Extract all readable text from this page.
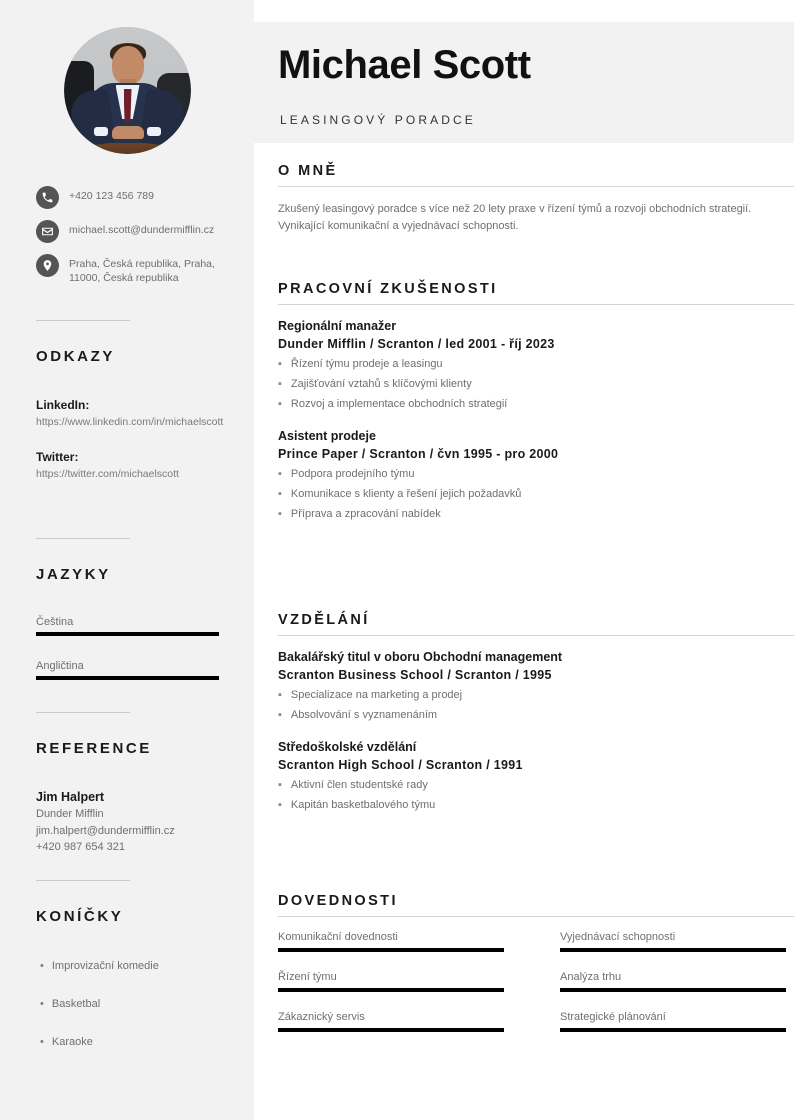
+420 123 456 789
michael.scott@dundermifflin.cz
Praha, Česká republika, Praha, 11000, Česká republika
ODKAZY
LinkedIn:
https://www.linkedin.com/in/michaelscott
Twitter:
https://twitter.com/michaelscott
JAZYKY
Čeština
Angličtina
REFERENCE
Jim Halpert
Dunder Mifflin
jim.halpert@dundermifflin.cz
+420 987 654 321
KONÍČKY
• Improvizační komedie
• Basketbal
• Karaoke
Michael Scott
LEASINGOVÝ PORADCE
O MNĚ
Zkušený leasingový poradce s více než 20 lety praxe v řízení týmů a rozvoji obchodních strategií. Vynikající komunikační a vyjednávací schopnosti.
PRACOVNÍ ZKUŠENOSTI
Regionální manažer
Dunder Mifflin / Scranton / led 2001 - říj 2023
▪ Řízení týmu prodeje a leasingu
▪ Zajišťování vztahů s klíčovými klienty
▪ Rozvoj a implementace obchodních strategií
Asistent prodeje
Prince Paper / Scranton / čvn 1995 - pro 2000
▪ Podpora prodejního týmu
▪ Komunikace s klienty a řešení jejich požadavků
▪ Příprava a zpracování nabídek
VZDĚLÁNÍ
Bakalářský titul v oboru Obchodní management
Scranton Business School / Scranton / 1995
▪ Specializace na marketing a prodej
▪ Absolvování s vyznamenáním
Středoškolské vzdělání
Scranton High School / Scranton / 1991
▪ Aktivní člen studentské rady
▪ Kapitán basketbalového týmu
DOVEDNOSTI
Komunikační dovednosti	Vyjednávací schopnosti
Řízení týmu	Analýza trhu
Zákaznický servis	Strategické plánování
